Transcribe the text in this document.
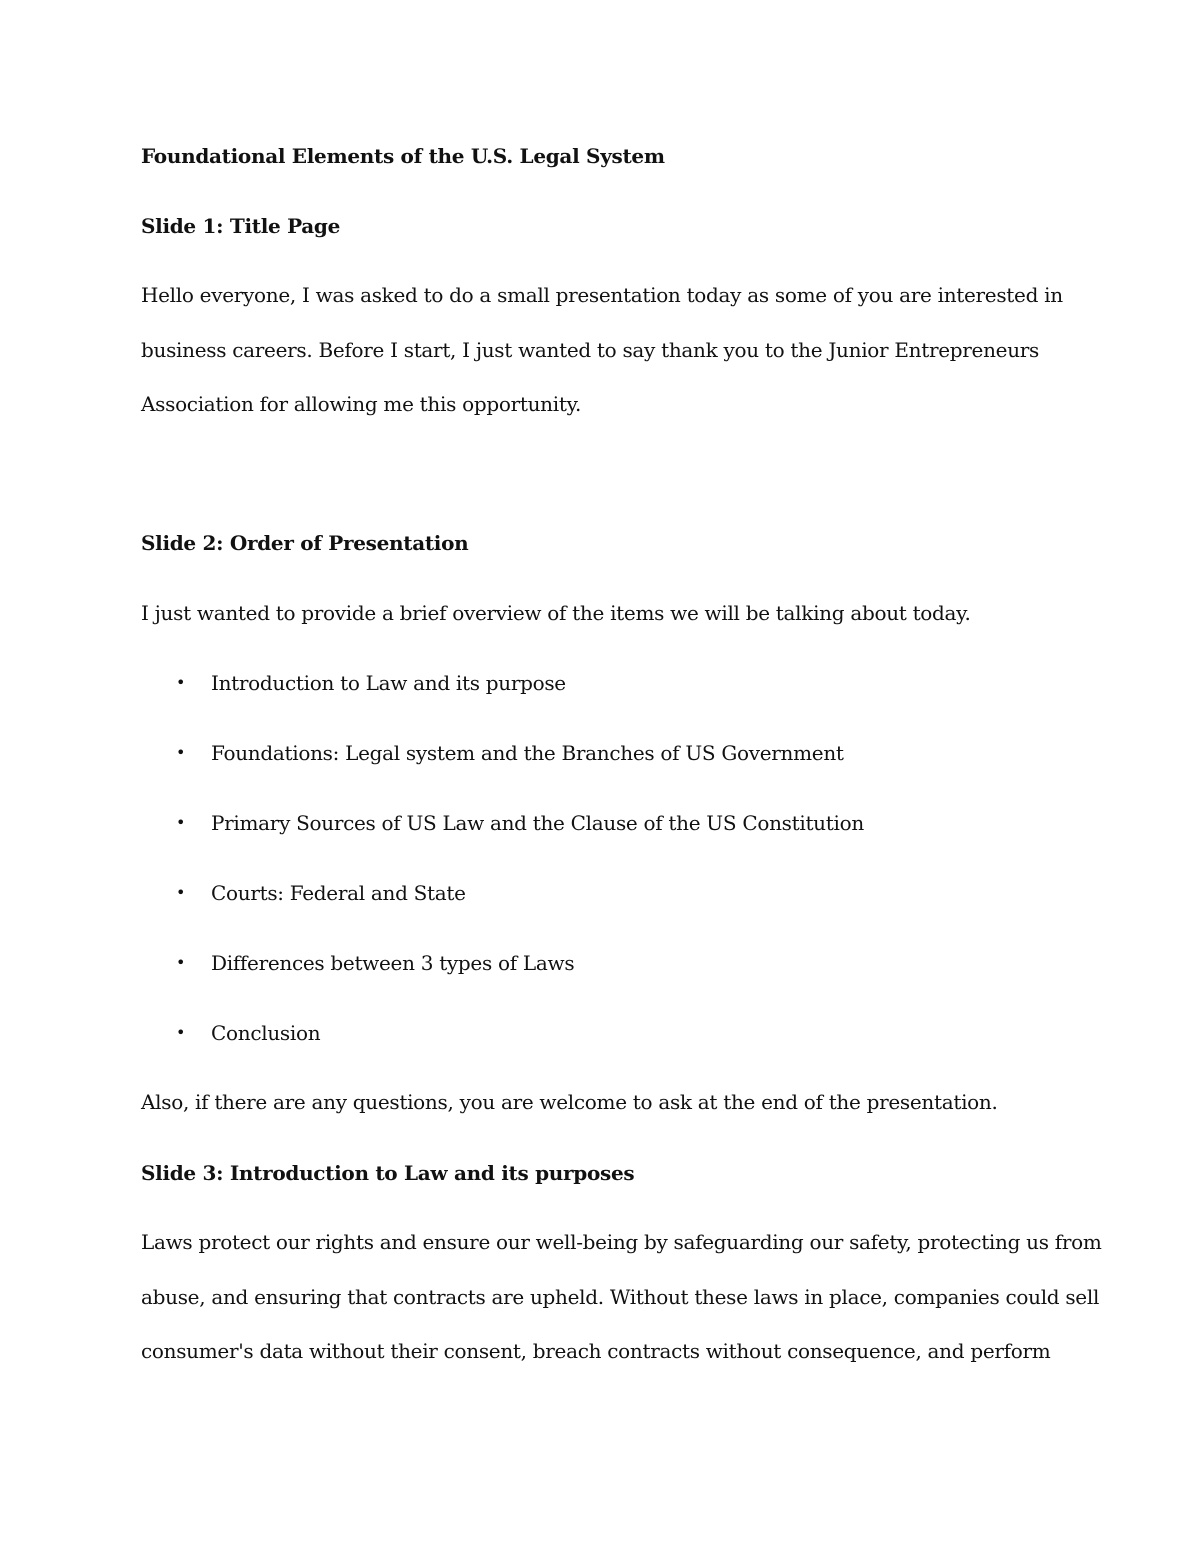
Foundational Elements of the U.S. Legal System
Slide 1: Title Page
Hello everyone, I was asked to do a small presentation today as some of you are interested in
business careers. Before I start, I just wanted to say thank you to the Junior Entrepreneurs
Association for allowing me this opportunity.
Slide 2: Order of Presentation
I just wanted to provide a brief overview of the items we will be talking about today.
• Introduction to Law and its purpose
• Foundations: Legal system and the Branches of US Government
• Primary Sources of US Law and the Clause of the US Constitution
• Courts: Federal and State
• Differences between 3 types of Laws
• Conclusion
Also, if there are any questions, you are welcome to ask at the end of the presentation.
Slide 3: Introduction to Law and its purposes
Laws protect our rights and ensure our well-being by safeguarding our safety, protecting us from
abuse, and ensuring that contracts are upheld. Without these laws in place, companies could sell
consumer's data without their consent, breach contracts without consequence, and perform
